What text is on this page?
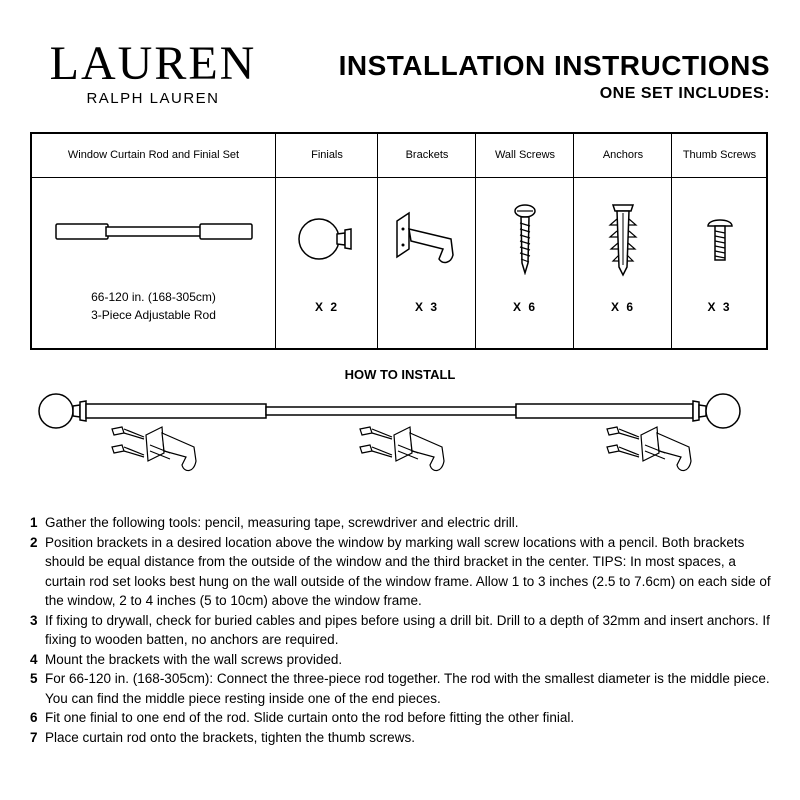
LAUREN
RALPH LAUREN
INSTALLATION INSTRUCTIONS
ONE SET INCLUDES:
Window Curtain Rod and Finial Set
66-120 in. (168-305cm)
3-Piece Adjustable Rod
Finials
X 2
Brackets
X 3
Wall Screws
X 6
Anchors
X 6
Thumb Screws
X 3
HOW TO INSTALL
1 Gather the following tools: pencil, measuring tape, screwdriver and electric drill.
2 Position brackets in a desired location above the window by marking wall screw locations with a pencil. Both brackets should be equal distance from the outside of the window and the third bracket in the center. TIPS: In most spaces, a curtain rod set looks best hung on the wall outside of the window frame. Allow 1 to 3 inches (2.5 to 7.6cm) on each side of the window, 2 to 4 inches (5 to 10cm) above the window frame.
3 If fixing to drywall, check for buried cables and pipes before using a drill bit. Drill to a depth of 32mm and insert anchors. If fixing to wooden batten, no anchors are required.
4 Mount the brackets with the wall screws provided.
5 For 66-120 in. (168-305cm): Connect the three-piece rod together. The rod with the smallest diameter is the middle piece. You can find the middle piece resting inside one of the end pieces.
6 Fit one finial to one end of the rod. Slide curtain onto the rod before fitting the other finial.
7 Place curtain rod onto the brackets, tighten the thumb screws.
